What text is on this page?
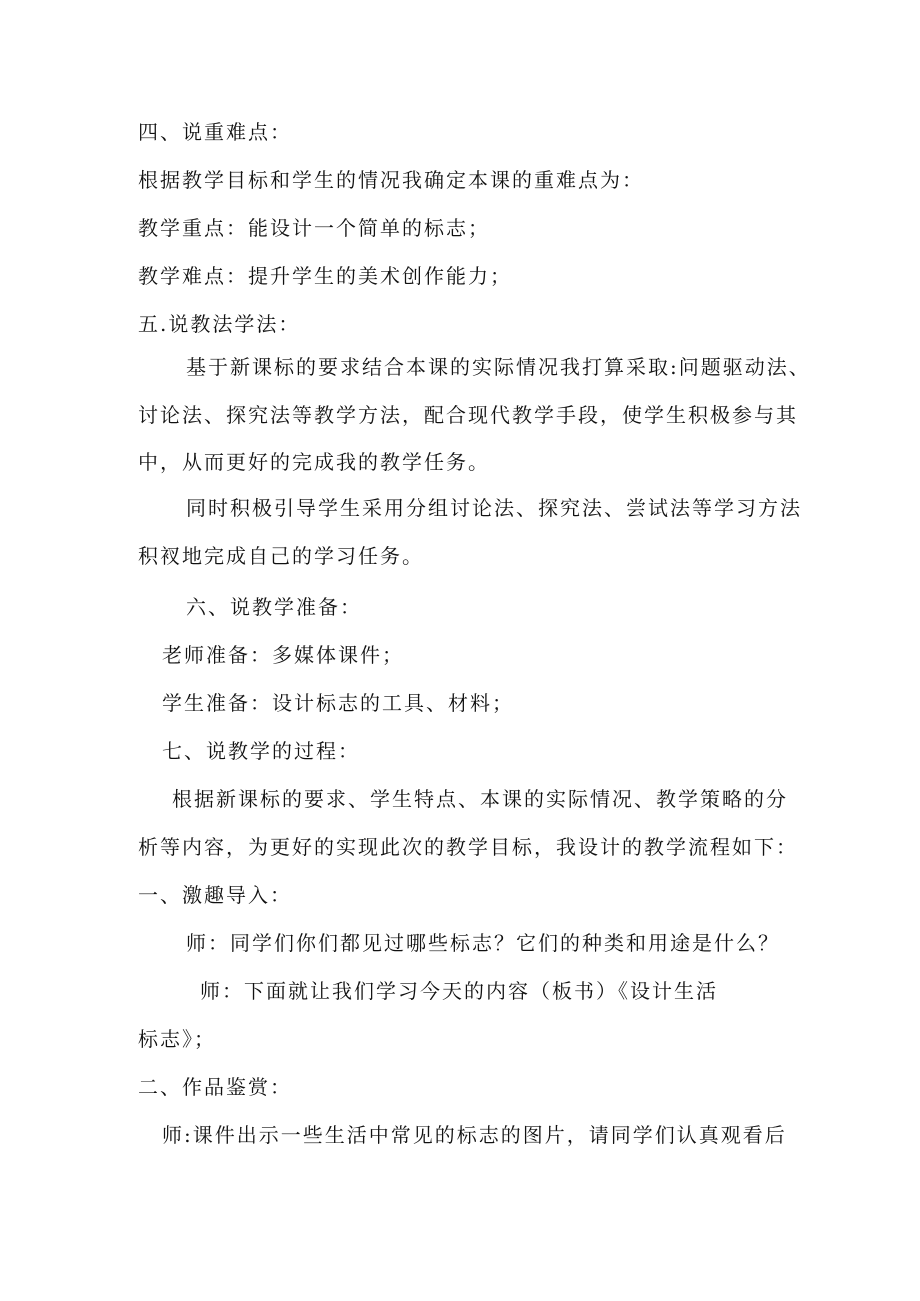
四、说重难点：
根据教学目标和学生的情况我确定本课的重难点为：
教学重点：能设计一个简单的标志；
教学难点：提升学生的美术创作能力；
五.说教法学法：
基于新课标的要求结合本课的实际情况我打算采取:问题驱动法、
讨论法、探究法等教学方法，配合现代教学手段，使学生积极参与其
中，从而更好的完成我的教学任务。
同时积极引导学生采用分组讨论法、探究法、尝试法等学习方法
积衩地完成自己的学习任务。
六、说教学准备：
老师准备：多媒体课件；
学生准备：设计标志的工具、材料；
七、说教学的过程：
根据新课标的要求、学生特点、本课的实际情况、教学策略的分
析等内容，为更好的实现此次的教学目标，我设计的教学流程如下：
一、激趣导入：
师：同学们你们都见过哪些标志？它们的种类和用途是什么？
师：下面就让我们学习今天的内容（板书）《设计生活
标志》；
二、作品鉴赏：
师:课件出示一些生活中常见的标志的图片，请同学们认真观看后
